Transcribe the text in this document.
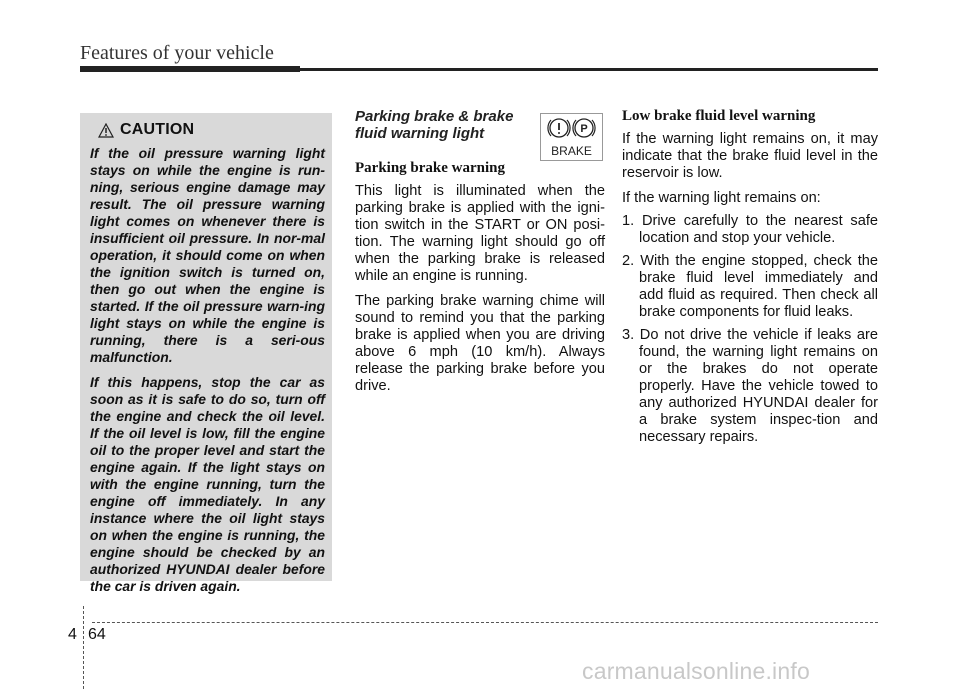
Features of your vehicle
CAUTION

If the oil pressure warning light stays on while the engine is run-ning, serious engine damage may result. The oil pressure warning light comes on whenever there is insufficient oil pressure. In nor-mal operation, it should come on when the ignition switch is turned on, then go out when the engine is started. If the oil pressure warn-ing light stays on while the engine is running, there is a seri-ous malfunction.

If this happens, stop the car as soon as it is safe to do so, turn off the engine and check the oil level. If the oil level is low, fill the engine oil to the proper level and start the engine again. If the light stays on with the engine running, turn the engine off immediately. In any instance where the oil light stays on when the engine is running, the engine should be checked by an authorized HYUNDAI dealer before the car is driven again.

P
BRAKE
Parking brake & brake fluid warning light
Parking brake warning

This light is illuminated when the parking brake is applied with the igni-tion switch in the START or ON posi-tion. The warning light should go off when the parking brake is released while an engine is running.

The parking brake warning chime will sound to remind you that the parking brake is applied when you are driving above 6 mph (10 km/h). Always release the parking brake before you drive.

Low brake fluid level warning

If the warning light remains on, it may indicate that the brake fluid level in the reservoir is low.

If the warning light remains on:

1. Drive carefully to the nearest safe location and stop your vehicle.

2. With the engine stopped, check the brake fluid level immediately and add fluid as required. Then check all brake components for fluid leaks.

3. Do not drive the vehicle if leaks are found, the warning light remains on or the brakes do not operate properly. Have the vehicle towed to any authorized HYUNDAI dealer for a brake system inspec-tion and necessary repairs.

4 64
carmanualsonline.info
